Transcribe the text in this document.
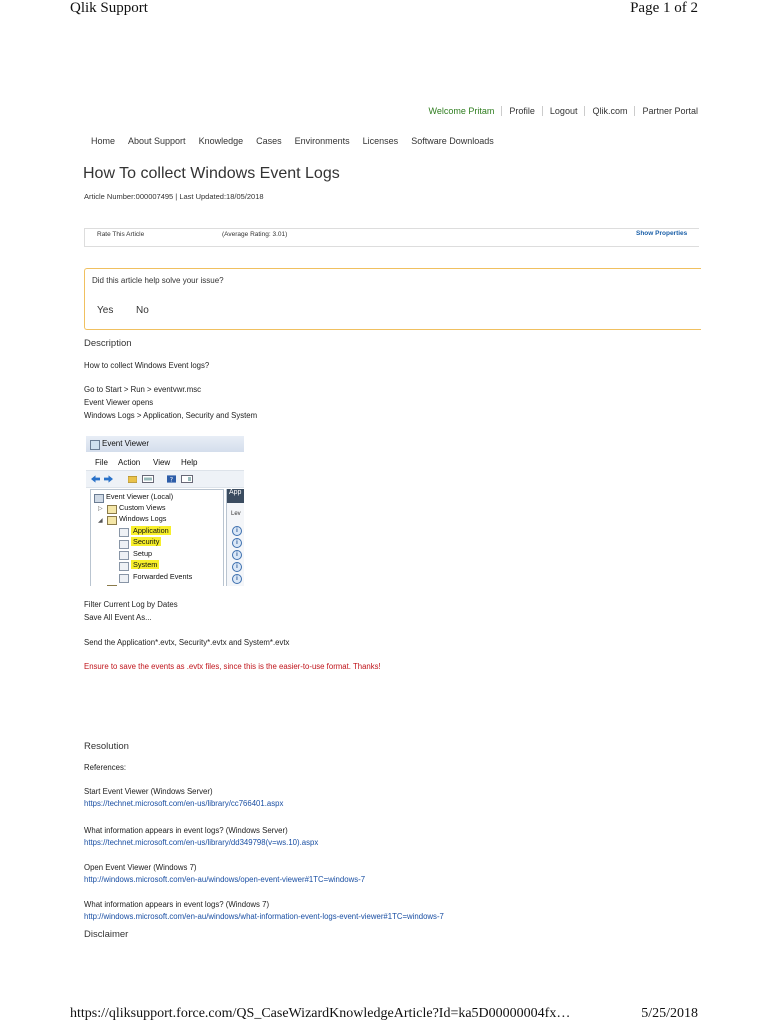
Qlik Support	Page 1 of 2
Welcome Pritam	Profile	Logout	Qlik.com	Partner Portal
Home About Support Knowledge Cases Environments Licenses Software Downloads
How To collect Windows Event Logs
Article Number:000007495 | Last Updated:18/05/2018
Rate This Article	(Average Rating: 3.01)	Show Properties
Did this article help solve your issue?
Yes No
Description
How to collect Windows Event logs?
Go to Start > Run > eventvwr.msc
Event Viewer opens
Windows Logs > Application, Security and System
Event Viewer
File Action View Help
?
Event Viewer (Local)
▷ Custom Views
◢ Windows Logs
Application
Security
Setup
System
Forwarded Events
App
Lev
i
i
i
i
i
Filter Current Log by Dates
Save All Event As...
Send the Application*.evtx, Security*.evtx and System*.evtx
Ensure to save the events as .evtx files, since this is the easier-to-use format. Thanks!
Resolution
References:
Start Event Viewer (Windows Server)
https://technet.microsoft.com/en-us/library/cc766401.aspx
What information appears in event logs? (Windows Server)
https://technet.microsoft.com/en-us/library/dd349798(v=ws.10).aspx
Open Event Viewer (Windows 7)
http://windows.microsoft.com/en-au/windows/open-event-viewer#1TC=windows-7
What information appears in event logs? (Windows 7)
http://windows.microsoft.com/en-au/windows/what-information-event-logs-event-viewer#1TC=windows-7
Disclaimer
https://qliksupport.force.com/QS_CaseWizardKnowledgeArticle?Id=ka5D00000004fx…	5/25/2018
